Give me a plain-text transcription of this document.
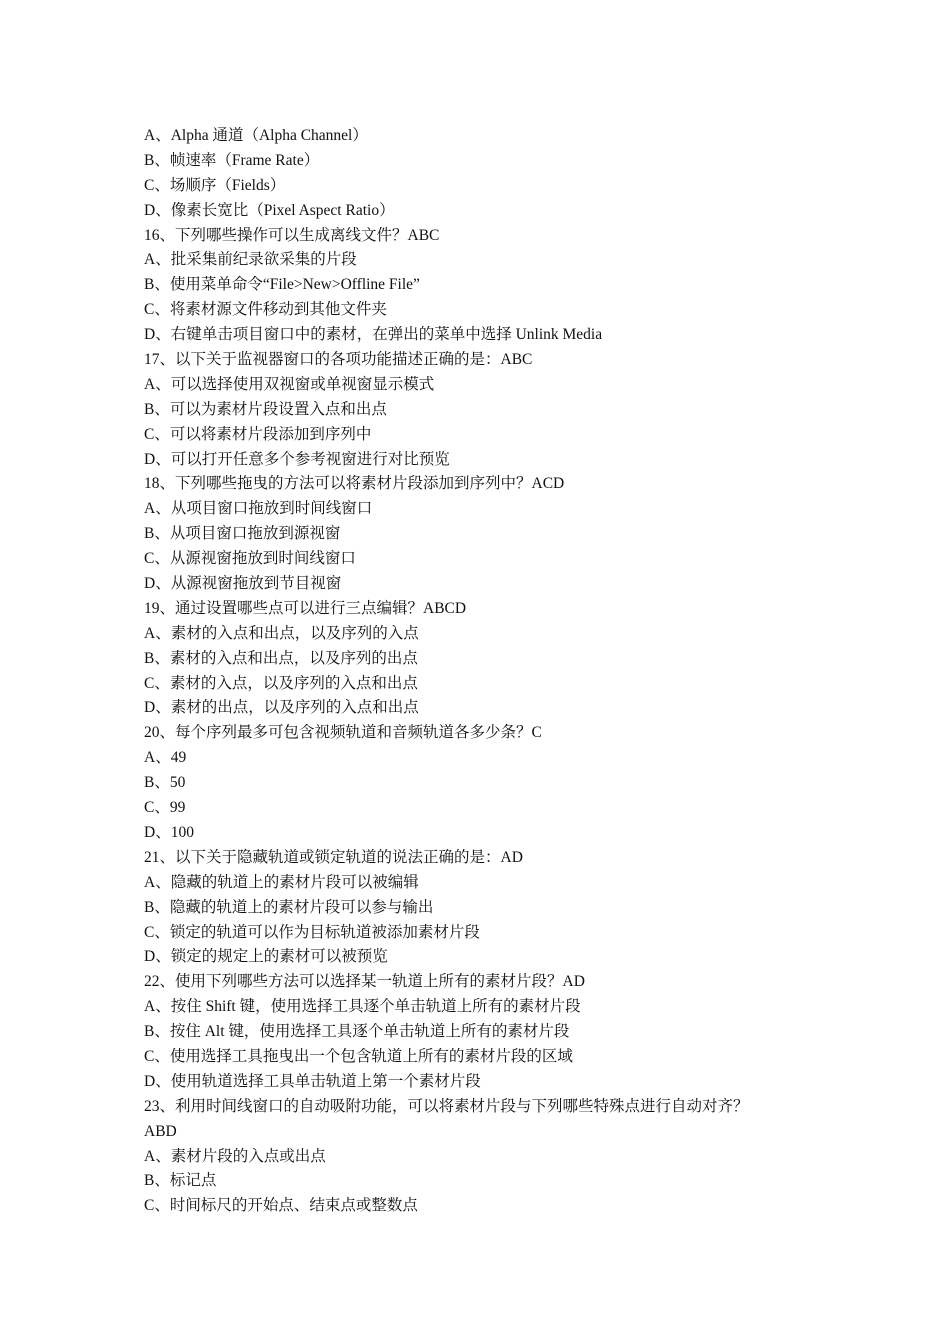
A、Alpha 通道（Alpha Channel）
B、帧速率（Frame Rate）
C、场顺序（Fields）
D、像素长宽比（Pixel Aspect Ratio）
16、下列哪些操作可以生成离线文件？ABC
A、批采集前纪录欲采集的片段
B、使用菜单命令“File>New>Offline File”
C、将素材源文件移动到其他文件夹
D、右键单击项目窗口中的素材，在弹出的菜单中选择 Unlink Media
17、以下关于监视器窗口的各项功能描述正确的是：ABC
A、可以选择使用双视窗或单视窗显示模式
B、可以为素材片段设置入点和出点
C、可以将素材片段添加到序列中
D、可以打开任意多个参考视窗进行对比预览
18、下列哪些拖曳的方法可以将素材片段添加到序列中？ACD
A、从项目窗口拖放到时间线窗口
B、从项目窗口拖放到源视窗
C、从源视窗拖放到时间线窗口
D、从源视窗拖放到节目视窗
19、通过设置哪些点可以进行三点编辑？ABCD
A、素材的入点和出点，以及序列的入点
B、素材的入点和出点，以及序列的出点
C、素材的入点，以及序列的入点和出点
D、素材的出点，以及序列的入点和出点
20、每个序列最多可包含视频轨道和音频轨道各多少条？C
A、49
B、50
C、99
D、100
21、以下关于隐藏轨道或锁定轨道的说法正确的是：AD
A、隐藏的轨道上的素材片段可以被编辑
B、隐藏的轨道上的素材片段可以参与输出
C、锁定的轨道可以作为目标轨道被添加素材片段
D、锁定的规定上的素材可以被预览
22、使用下列哪些方法可以选择某一轨道上所有的素材片段？AD
A、按住 Shift 键，使用选择工具逐个单击轨道上所有的素材片段
B、按住 Alt 键，使用选择工具逐个单击轨道上所有的素材片段
C、使用选择工具拖曳出一个包含轨道上所有的素材片段的区域
D、使用轨道选择工具单击轨道上第一个素材片段
23、利用时间线窗口的自动吸附功能，可以将素材片段与下列哪些特殊点进行自动对齐？
ABD
A、素材片段的入点或出点
B、标记点
C、时间标尺的开始点、结束点或整数点
